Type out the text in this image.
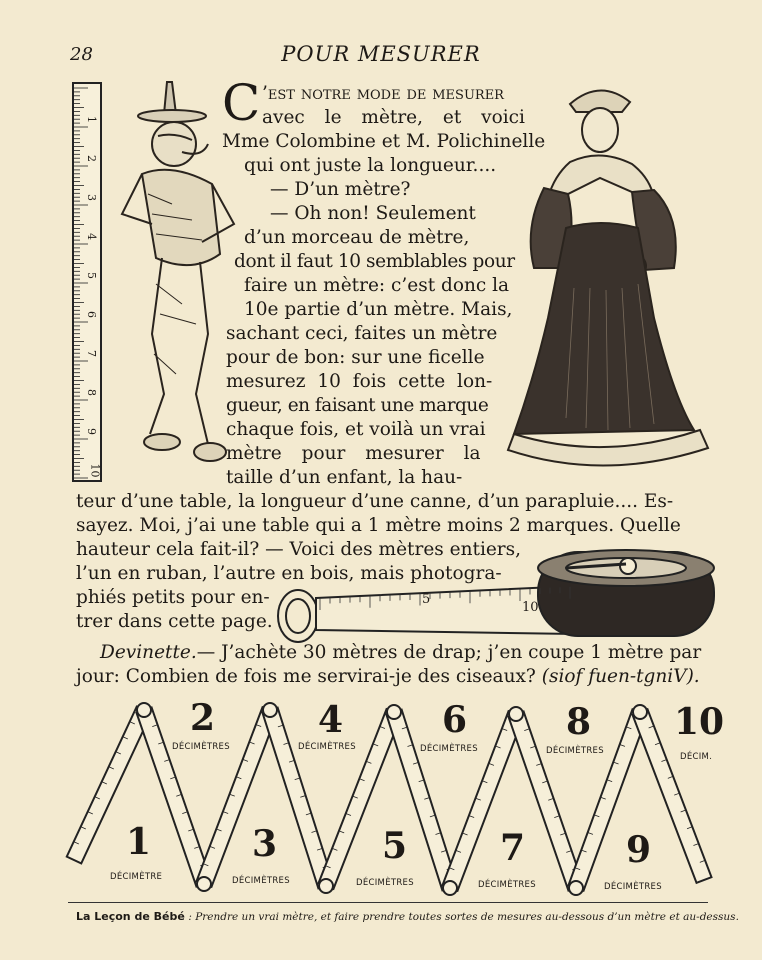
28	POUR MESURER
1
2
3
4
5
6
7
8
9
10
C ’est notre mode de mesurer
avec le mètre, et voici
Mme Colombine et M. Polichinelle
qui ont juste la longueur....
— D’un mètre?
— Oh non! Seulement
d’un morceau de mètre,
dont il faut 10 semblables pour
faire un mètre: c’est donc la
10e partie d’un mètre. Mais,
sachant ceci, faites un mètre
pour de bon: sur une ficelle
mesurez 10 fois cette lon-
gueur, en faisant une marque
chaque fois, et voilà un vrai
mètre pour mesurer la
taille d’un enfant, la hau-
teur d’une table, la longueur d’une canne, d’un parapluie.... Es-
sayez. Moi, j’ai une table qui a 1 mètre moins 2 marques. Quelle
hauteur cela fait-il? — Voici des mètres entiers,
l’un en ruban, l’autre en bois, mais photogra-
phiés petits pour en-
trer dans cette page.
5
10
Devinette.— J’achète 30 mètres de drap; j’en coupe 1 mètre par
jour: Combien de fois me servirai-je des ciseaux? (siof fuen-tgniV).
2
DÉCIMÈTRES
4
DÉCIMÈTRES
6
DÉCIMÈTRES
8
DÉCIMÈTRES
10
DÉCIM.
1
DÉCIMÈTRE
3
DÉCIMÈTRES
5
DÉCIMÈTRES
7
DÉCIMÈTRES
9
DÉCIMÈTRES
La Leçon de Bébé : Prendre un vrai mètre, et faire prendre toutes sortes de mesures au-dessous d’un mètre et au-dessus.
